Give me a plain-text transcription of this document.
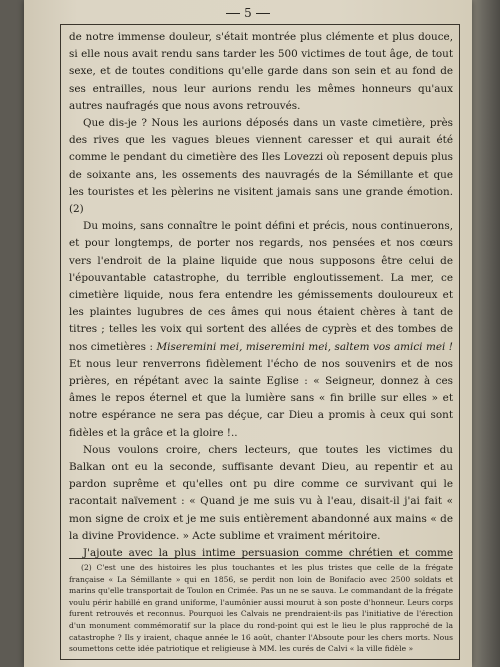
5

de notre immense douleur, s'était montrée plus clémente et plus douce, si elle nous avait rendu sans tarder les 500 victimes de tout âge, de tout sexe, et de toutes conditions qu'elle garde dans son sein et au fond de ses entrailles, nous leur aurions rendu les mêmes honneurs qu'aux autres naufragés que nous avons retrouvés.

Que dis-je ? Nous les aurions déposés dans un vaste cimetière, près des rives que les vagues bleues viennent caresser et qui aurait été comme le pendant du cimetière des Iles Lovezzi où reposent depuis plus de soixante ans, les ossements des nauvragés de la Sémillante et que les touristes et les pèlerins ne visitent jamais sans une grande émotion. (2)

Du moins, sans connaître le point défini et précis, nous continuerons, et pour longtemps, de porter nos regards, nos pensées et nos cœurs vers l'endroit de la plaine liquide que nous supposons être celui de l'épouvantable catastrophe, du terrible engloutissement. La mer, ce cimetière liquide, nous fera entendre les gémissements douloureux et les plaintes lugubres de ces âmes qui nous étaient chères à tant de titres ; telles les voix qui sortent des allées de cyprès et des tombes de nos cimetières : Miseremini mei, miseremini mei, saltem vos amici mei ! Et nous leur renverrons fidèlement l'écho de nos souvenirs et de nos prières, en répétant avec la sainte Eglise : « Seigneur, donnez à ces âmes le repos éternel et que la lumière sans « fin brille sur elles » et notre espérance ne sera pas déçue, car Dieu a promis à ceux qui sont fidèles et la grâce et la gloire !..

Nous voulons croire, chers lecteurs, que toutes les victimes du Balkan ont eu la seconde, suffisante devant Dieu, au repentir et au pardon suprême et qu'elles ont pu dire comme ce survivant qui le racontait naïvement : « Quand je me suis vu à l'eau, disait-il j'ai fait « mon signe de croix et je me suis entièrement abandonné aux mains « de la divine Providence. » Acte sublime et vraiment méritoire.

J'ajoute avec la plus intime persuasion comme chrétien et comme

(2) C'est une des histoires les plus touchantes et les plus tristes que celle de la frégate française « La Sémillante » qui en 1856, se perdit non loin de Bonifacio avec 2500 soldats et marins qu'elle transportait de Toulon en Crimée. Pas un ne se sauva. Le commandant de la frégate voulu périr habillé en grand uniforme, l'aumônier aussi mourut à son poste d'honneur. Leurs corps furent retrouvés et reconnus. Pourquoi les Calvais ne prendraient-ils pas l'initiative de l'érection d'un monument commémoratif sur la place du rond-point qui est le lieu le plus rapproché de la catastrophe ? Ils y iraient, chaque année le 16 août, chanter l'Absoute pour les chers morts. Nous soumettons cette idée patriotique et religieuse à MM. les curés de Calvi « la ville fidèle »
